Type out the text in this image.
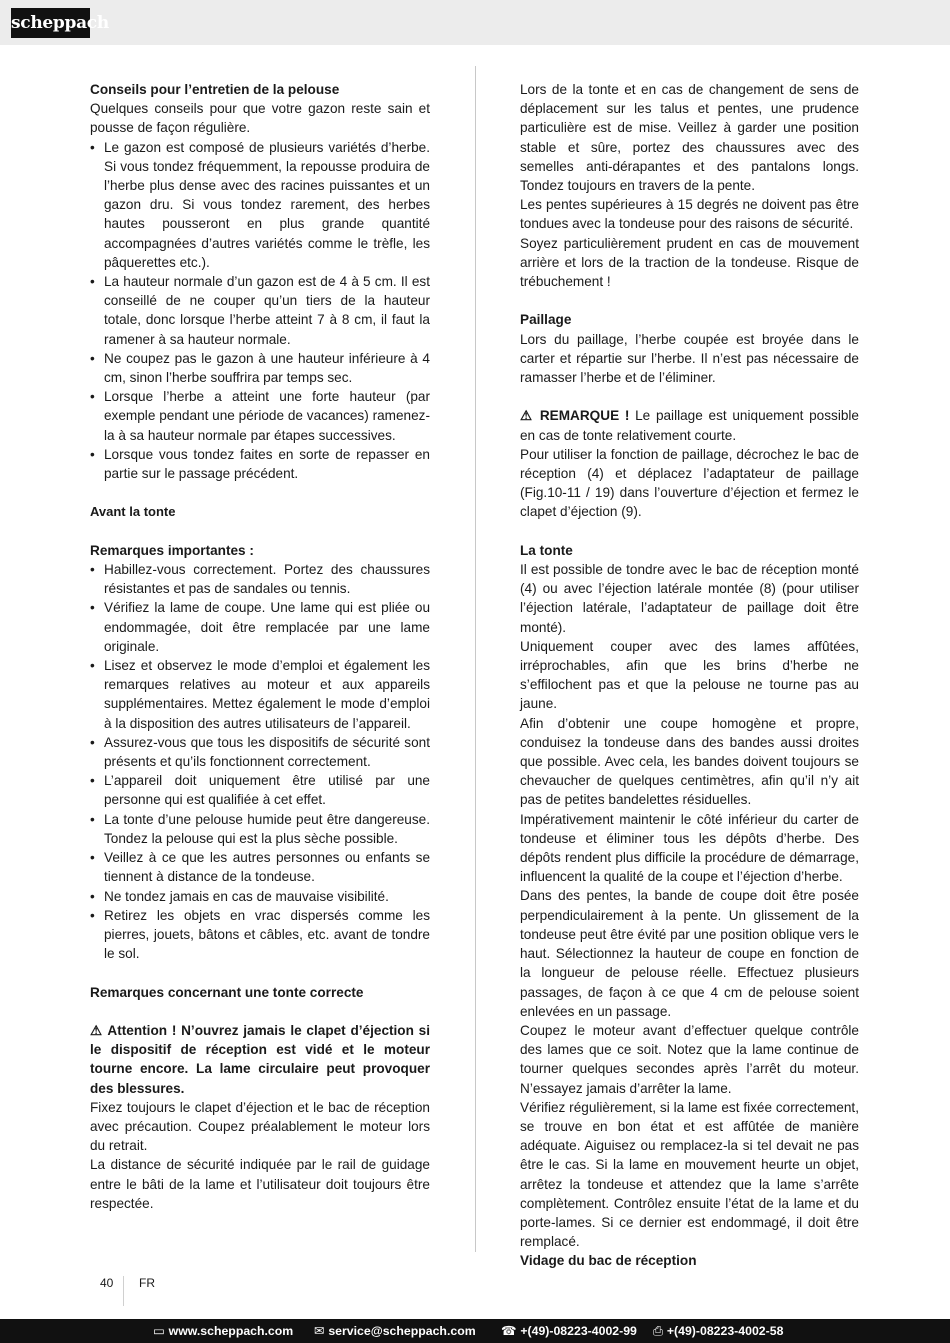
scheppach

Conseils pour l’entretien de la pelouse

Quelques conseils pour que votre gazon reste sain et pousse de façon régulière.

• Le gazon est composé de plusieurs variétés d’herbe. Si vous tondez fréquemment, la repousse produira de l’herbe plus dense avec des racines puissantes et un gazon dru. Si vous tondez rarement, des herbes hautes pousseront en plus grande quantité accompagnées d’autres variétés comme le trèfle, les pâquerettes etc.).
• La hauteur normale d’un gazon est de 4 à 5 cm. Il est conseillé de ne couper qu’un tiers de la hauteur totale, donc lorsque l’herbe atteint 7 à 8 cm, il faut la ramener à sa hauteur normale.
• Ne coupez pas le gazon à une hauteur inférieure à 4 cm, sinon l’herbe souffrira par temps sec.
• Lorsque l’herbe a atteint une forte hauteur (par exemple pendant une période de vacances) ramenez-la à sa hauteur normale par étapes successives.
• Lorsque vous tondez faites en sorte de repasser en partie sur le passage précédent.

Avant la tonte

Remarques importantes :

• Habillez-vous correctement. Portez des chaussures résistantes et pas de sandales ou tennis.
• Vérifiez la lame de coupe. Une lame qui est pliée ou endommagée, doit être remplacée par une lame originale.
• Lisez et observez le mode d’emploi et également les remarques relatives au moteur et aux appareils supplémentaires. Mettez également le mode d’emploi à la disposition des autres utilisateurs de l’appareil.
• Assurez-vous que tous les dispositifs de sécurité sont présents et qu’ils fonctionnent correctement.
• L’appareil doit uniquement être utilisé par une personne qui est qualifiée à cet effet.
• La tonte d’une pelouse humide peut être dangereuse. Tondez la pelouse qui est la plus sèche possible.
• Veillez à ce que les autres personnes ou enfants se tiennent à distance de la tondeuse.
• Ne tondez jamais en cas de mauvaise visibilité.
• Retirez les objets en vrac dispersés comme les pierres, jouets, bâtons et câbles, etc. avant de tondre le sol.

Remarques concernant une tonte correcte

⚠ Attention ! N’ouvrez jamais le clapet d’éjection si le dispositif de réception est vidé et le moteur tourne encore. La lame circulaire peut provoquer des blessures.

Fixez toujours le clapet d’éjection et le bac de réception avec précaution. Coupez préalablement le moteur lors du retrait.

La distance de sécurité indiquée par le rail de guidage entre le bâti de la lame et l’utilisateur doit toujours être respectée.

Lors de la tonte et en cas de changement de sens de déplacement sur les talus et pentes, une prudence particulière est de mise. Veillez à garder une position stable et sûre, portez des chaussures avec des semelles anti-dérapantes et des pantalons longs. Tondez toujours en travers de la pente.

Les pentes supérieures à 15 degrés ne doivent pas être tondues avec la tondeuse pour des raisons de sécurité.

Soyez particulièrement prudent en cas de mouvement arrière et lors de la traction de la tondeuse. Risque de trébuchement !

Paillage

Lors du paillage, l’herbe coupée est broyée dans le carter et répartie sur l’herbe. Il n’est pas nécessaire de ramasser l’herbe et de l’éliminer.

⚠ REMARQUE ! Le paillage est uniquement possible en cas de tonte relativement courte.

Pour utiliser la fonction de paillage, décrochez le bac de réception (4) et déplacez l’adaptateur de paillage (Fig.10-11 / 19) dans l’ouverture d’éjection et fermez le clapet d’éjection (9).

La tonte

Il est possible de tondre avec le bac de réception monté (4) ou avec l’éjection latérale montée (8) (pour utiliser l’éjection latérale, l’adaptateur de paillage doit être monté).

Uniquement couper avec des lames affûtées, irréprochables, afin que les brins d’herbe ne s’effilochent pas et que la pelouse ne tourne pas au jaune.

Afin d’obtenir une coupe homogène et propre, conduisez la tondeuse dans des bandes aussi droites que possible. Avec cela, les bandes doivent toujours se chevaucher de quelques centimètres, afin qu’il n’y ait pas de petites bandelettes résiduelles.

Impérativement maintenir le côté inférieur du carter de tondeuse et éliminer tous les dépôts d’herbe. Des dépôts rendent plus difficile la procédure de démarrage, influencent la qualité de la coupe et l’éjection d’herbe.

Dans des pentes, la bande de coupe doit être posée perpendiculairement à la pente. Un glissement de la tondeuse peut être évité par une position oblique vers le haut. Sélectionnez la hauteur de coupe en fonction de la longueur de pelouse réelle. Effectuez plusieurs passages, de façon à ce que 4 cm de pelouse soient enlevées en un passage.

Coupez le moteur avant d’effectuer quelque contrôle des lames que ce soit. Notez que la lame continue de tourner quelques secondes après l’arrêt du moteur. N’essayez jamais d’arrêter la lame.

Vérifiez régulièrement, si la lame est fixée correctement, se trouve en bon état et est affûtée de manière adéquate. Aiguisez ou remplacez-la si tel devait ne pas être le cas. Si la lame en mouvement heurte un objet, arrêtez la tondeuse et attendez que la lame s’arrête complètement. Contrôlez ensuite l’état de la lame et du porte-lames. Si ce dernier est endommagé, il doit être remplacé.

Vidage du bac de réception

40 FR
▭ www.scheppach.com ✉ service@scheppach.com ☎ +(49)-08223-4002-99 ⎙ +(49)-08223-4002-58
